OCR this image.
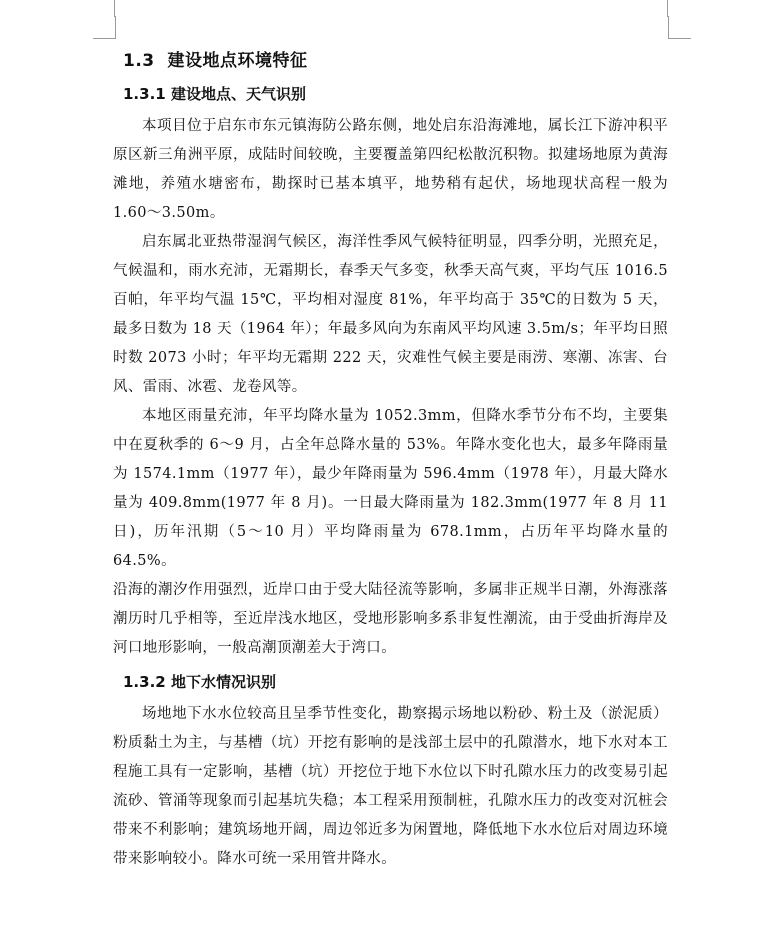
1.3 建设地点环境特征
1.3.1 建设地点、天气识别

本项目位于启东市东元镇海防公路东侧，地处启东沿海滩地，属长江下游冲积平原区新三角洲平原，成陆时间较晚，主要覆盖第四纪松散沉积物。拟建场地原为黄海滩地，养殖水塘密布，勘探时已基本填平，地势稍有起伏，场地现状高程一般为 1.60～3.50m。

启东属北亚热带湿润气候区，海洋性季风气候特征明显，四季分明，光照充足，气候温和，雨水充沛，无霜期长，春季天气多变，秋季天高气爽，平均气压 1016.5 百帕，年平均气温 15℃，平均相对湿度 81%，年平均高于 35℃的日数为 5 天，最多日数为 18 天（1964 年）；年最多风向为东南风平均风速 3.5m/s；年平均日照时数 2073 小时；年平均无霜期 222 天，灾难性气候主要是雨涝、寒潮、冻害、台风、雷雨、冰雹、龙卷风等。

本地区雨量充沛，年平均降水量为 1052.3mm，但降水季节分布不均，主要集中在夏秋季的 6～9 月，占全年总降水量的 53%。年降水变化也大，最多年降雨量为 1574.1mm（1977 年），最少年降雨量为 596.4mm（1978 年），月最大降水量为 409.8mm(1977 年 8 月)。一日最大降雨量为 182.3mm(1977 年 8 月 11 日)，历年汛期（5～10 月）平均降雨量为 678.1mm，占历年平均降水量的 64.5%。

沿海的潮汐作用强烈，近岸口由于受大陆径流等影响，多属非正规半日潮，外海涨落潮历时几乎相等，至近岸浅水地区，受地形影响多系非复性潮流，由于受曲折海岸及河口地形影响，一般高潮顶潮差大于湾口。

1.3.2 地下水情况识别

场地地下水水位较高且呈季节性变化，勘察揭示场地以粉砂、粉土及（淤泥质）粉质黏土为主，与基槽（坑）开挖有影响的是浅部土层中的孔隙潜水，地下水对本工程施工具有一定影响，基槽（坑）开挖位于地下水位以下时孔隙水压力的改变易引起流砂、管涌等现象而引起基坑失稳；本工程采用预制桩，孔隙水压力的改变对沉桩会带来不利影响；建筑场地开阔，周边邻近多为闲置地，降低地下水水位后对周边环境带来影响较小。降水可统一采用管井降水。
